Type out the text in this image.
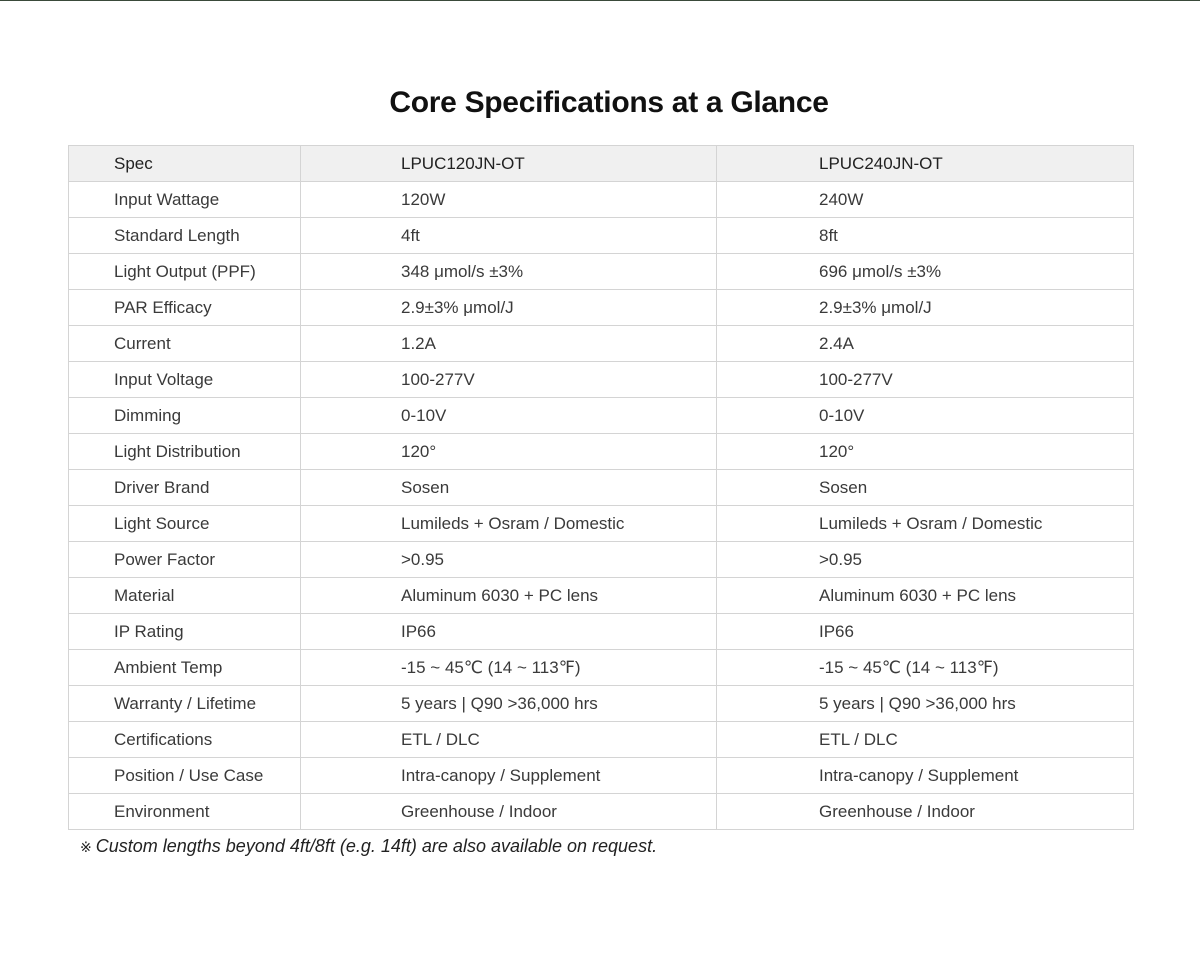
Core Specifications at a Glance
Spec	LPUC120JN-OT	LPUC240JN-OT
Input Wattage	120W	240W
Standard Length	4ft	8ft
Light Output (PPF)	348 μmol/s ±3%	696 μmol/s ±3%
PAR Efficacy	2.9±3% μmol/J	2.9±3% μmol/J
Current	1.2A	2.4A
Input Voltage	100-277V	100-277V
Dimming	0-10V	0-10V
Light Distribution	120°	120°
Driver Brand	Sosen	Sosen
Light Source	Lumileds + Osram / Domestic	Lumileds + Osram / Domestic
Power Factor	>0.95	>0.95
Material	Aluminum 6030 + PC lens	Aluminum 6030 + PC lens
IP Rating	IP66	IP66
Ambient Temp	-15 ~ 45℃ (14 ~ 113℉)	-15 ~ 45℃ (14 ~ 113℉)
Warranty / Lifetime	5 years | Q90 >36,000 hrs	5 years | Q90 >36,000 hrs
Certifications	ETL / DLC	ETL / DLC
Position / Use Case	Intra-canopy / Supplement	Intra-canopy / Supplement
Environment	Greenhouse / Indoor	Greenhouse / Indoor
※ Custom lengths beyond 4ft/8ft (e.g. 14ft) are also available on request.
